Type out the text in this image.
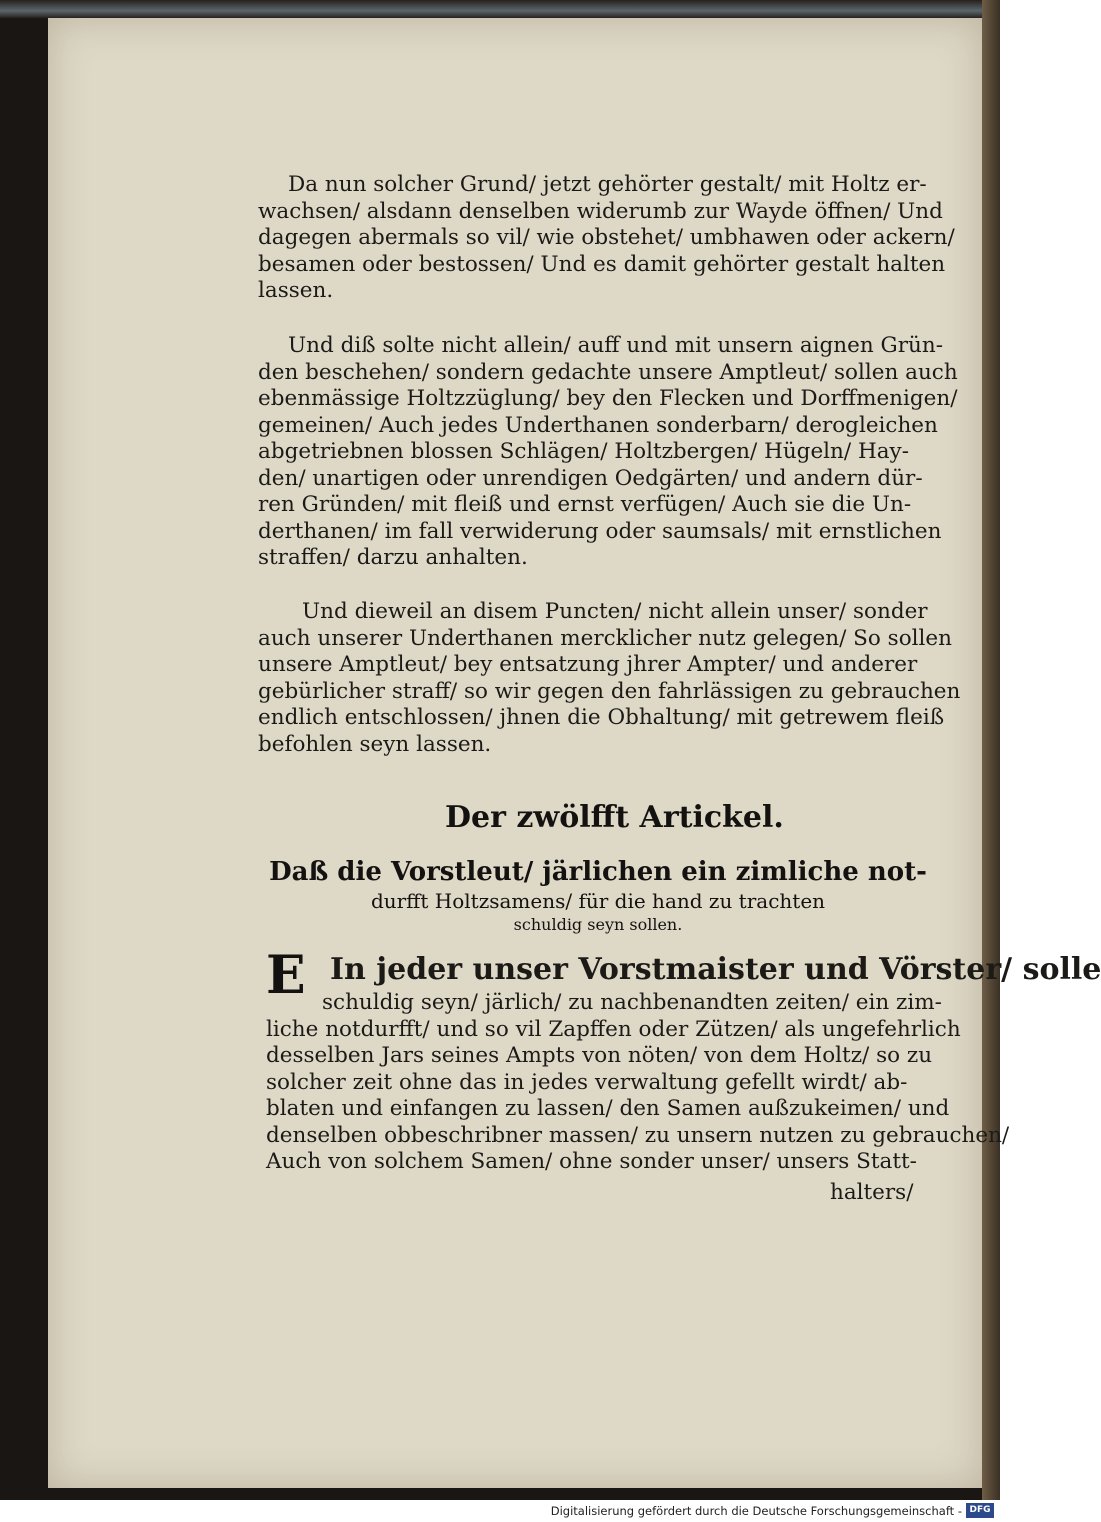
Da nun solcher Grund/ jetzt gehörter gestalt/ mit Holtz er-
wachsen/ alsdann denselben widerumb zur Wayde öffnen/ Und
dagegen abermals so vil/ wie obstehet/ umbhawen oder ackern/
besamen oder bestossen/ Und es damit gehörter gestalt halten
lassen.
Und diß solte nicht allein/ auff und mit unsern aignen Grün-
den beschehen/ sondern gedachte unsere Amptleut/ sollen auch
ebenmässige Holtzzüglung/ bey den Flecken und Dorffmenigen/
gemeinen/ Auch jedes Underthanen sonderbarn/ derogleichen
abgetriebnen blossen Schlägen/ Holtzbergen/ Hügeln/ Hay-
den/ unartigen oder unrendigen Oedgärten/ und andern dür-
ren Gründen/ mit fleiß und ernst verfügen/ Auch sie die Un-
derthanen/ im fall verwiderung oder saumsals/ mit ernstlichen
straffen/ darzu anhalten.
Und dieweil an disem Puncten/ nicht allein unser/ sonder
auch unserer Underthanen mercklicher nutz gelegen/ So sollen
unsere Amptleut/ bey entsatzung jhrer Ampter/ und anderer
gebürlicher straff/ so wir gegen den fahrlässigen zu gebrauchen
endlich entschlossen/ jhnen die Obhaltung/ mit getrewem fleiß
befohlen seyn lassen.
Der zwölfft Artickel.
Daß die Vorstleut/ järlichen ein zimliche not-
durfft Holtzsamens/ für die hand zu trachten
schuldig seyn sollen.
E In jeder unser Vorstmaister und Vörster/ solle
schuldig seyn/ järlich/ zu nachbenandten zeiten/ ein zim-
liche notdurfft/ und so vil Zapffen oder Zützen/ als ungefehrlich
desselben Jars seines Ampts von nöten/ von dem Holtz/ so zu
solcher zeit ohne das in jedes verwaltung gefellt wirdt/ ab-
blaten und einfangen zu lassen/ den Samen außzukeimen/ und
denselben obbeschribner massen/ zu unsern nutzen zu gebrauchen/
Auch von solchem Samen/ ohne sonder unser/ unsers Statt-
halters/
Digitalisierung gefördert durch die Deutsche Forschungsgemeinschaft - DFG
